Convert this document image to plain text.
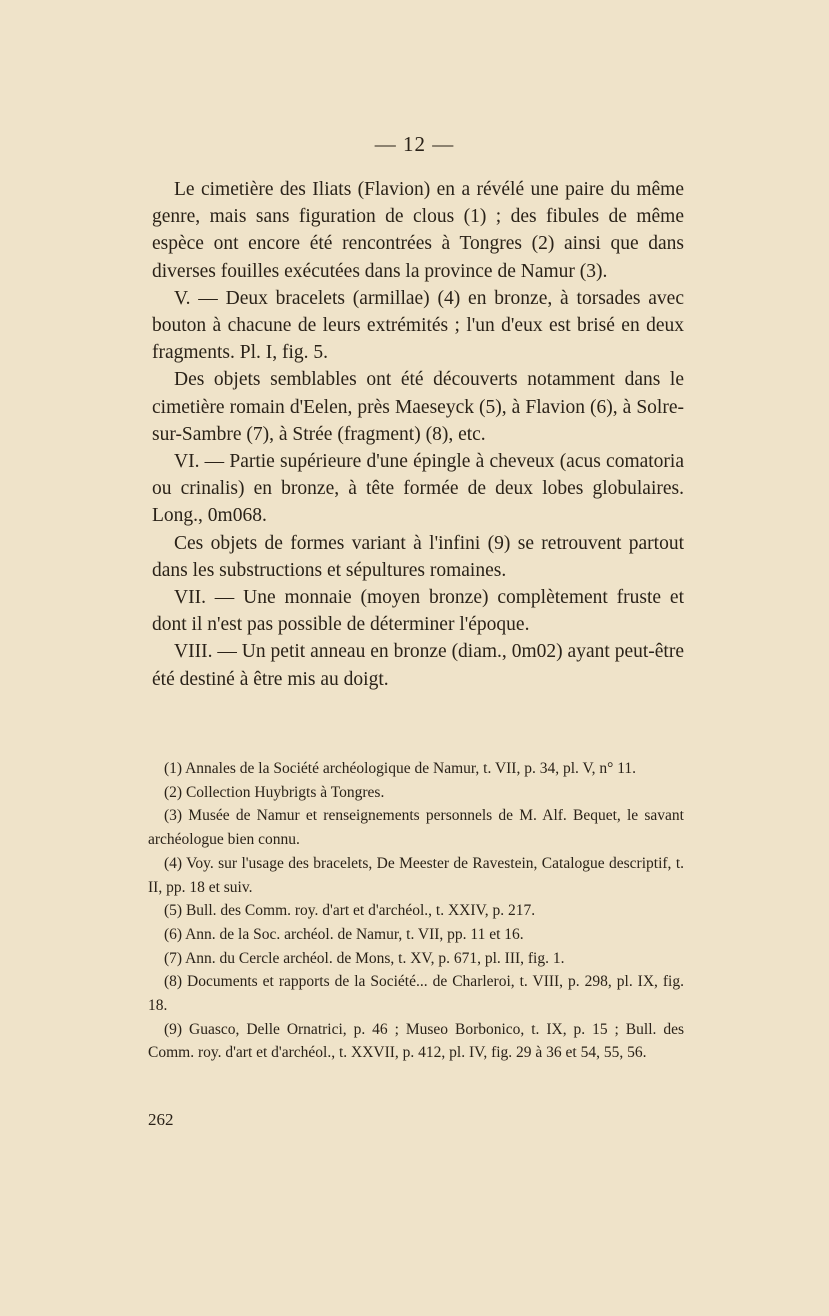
— 12 —

Le cimetière des Iliats (Flavion) en a révélé une paire du même genre, mais sans figuration de clous (1) ; des fibules de même espèce ont encore été rencontrées à Tongres (2) ainsi que dans diverses fouilles exécutées dans la province de Namur (3).

V. — Deux bracelets (armillae) (4) en bronze, à torsades avec bouton à chacune de leurs extrémités ; l'un d'eux est brisé en deux fragments. Pl. I, fig. 5.

Des objets semblables ont été découverts notamment dans le cimetière romain d'Eelen, près Maeseyck (5), à Flavion (6), à Solre-sur-Sambre (7), à Strée (fragment) (8), etc.

VI. — Partie supérieure d'une épingle à cheveux (acus comatoria ou crinalis) en bronze, à tête formée de deux lobes globulaires. Long., 0m068.

Ces objets de formes variant à l'infini (9) se retrouvent partout dans les substructions et sépultures romaines.

VII. — Une monnaie (moyen bronze) complètement fruste et dont il n'est pas possible de déterminer l'époque.

VIII. — Un petit anneau en bronze (diam., 0m02) ayant peut-être été destiné à être mis au doigt.

(1) Annales de la Société archéologique de Namur, t. VII, p. 34, pl. V, n° 11.

(2) Collection Huybrigts à Tongres.

(3) Musée de Namur et renseignements personnels de M. Alf. Bequet, le savant archéologue bien connu.

(4) Voy. sur l'usage des bracelets, De Meester de Ravestein, Catalogue descriptif, t. II, pp. 18 et suiv.

(5) Bull. des Comm. roy. d'art et d'archéol., t. XXIV, p. 217.

(6) Ann. de la Soc. archéol. de Namur, t. VII, pp. 11 et 16.

(7) Ann. du Cercle archéol. de Mons, t. XV, p. 671, pl. III, fig. 1.

(8) Documents et rapports de la Société... de Charleroi, t. VIII, p. 298, pl. IX, fig. 18.

(9) Guasco, Delle Ornatrici, p. 46 ; Museo Borbonico, t. IX, p. 15 ; Bull. des Comm. roy. d'art et d'archéol., t. XXVII, p. 412, pl. IV, fig. 29 à 36 et 54, 55, 56.

262
